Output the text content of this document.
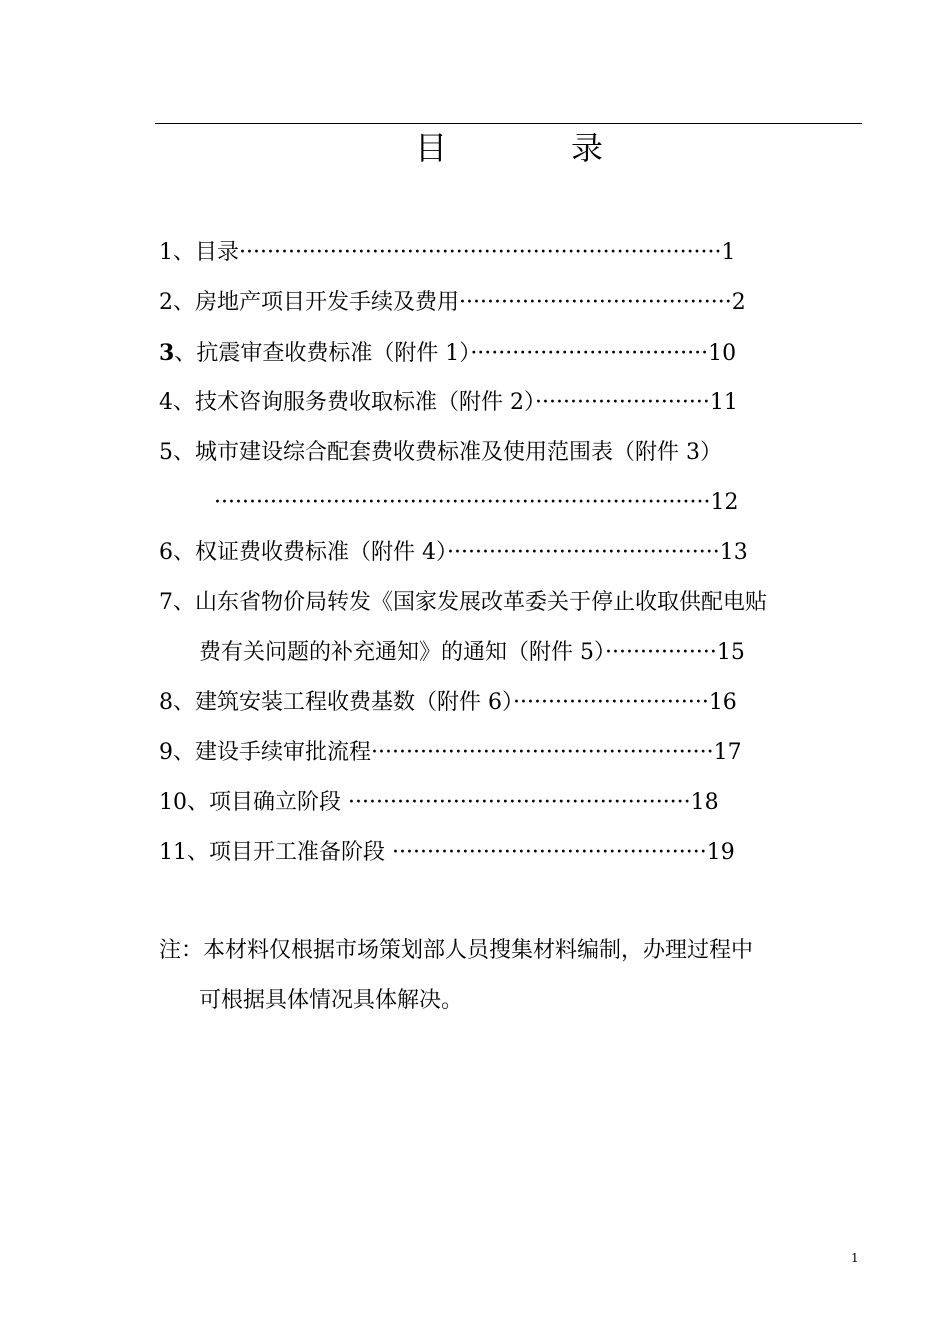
目	录
1、目录·····································································1
2、房地产项目开发手续及费用·······································2
3、抗震审查收费标准（附件 1）··································10
4、技术咨询服务费收取标准（附件 2）·························11
5、城市建设综合配套费收费标准及使用范围表（附件 3）
·······································································12
6、权证费收费标准（附件 4）·······································13
7、山东省物价局转发《国家发展改革委关于停止收取供配电贴
费有关问题的补充通知》的通知（附件 5）················15
8、建筑安装工程收费基数（附件 6）····························16
9、建设手续审批流程·················································17
10、项目确立阶段 ·················································18
11、项目开工准备阶段 ·············································19
注：本材料仅根据市场策划部人员搜集材料编制，办理过程中
可根据具体情况具体解决。
1
